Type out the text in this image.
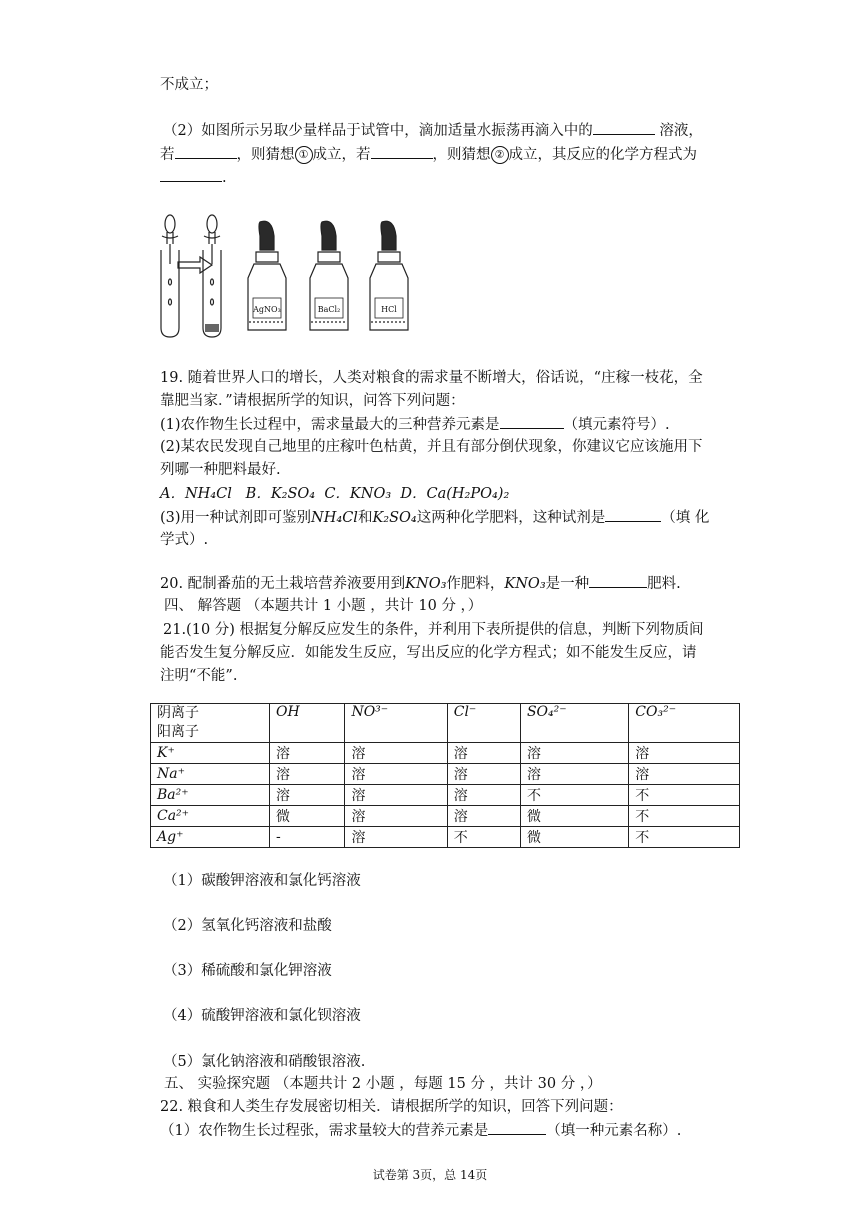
不成立；
（2）如图所示另取少量样品于试管中，滴加适量水振荡再滴入中的	溶液，
若	，则猜想 ① 成立，若	，则猜想 ② 成立，其反应的化学方程式为
.
AgNO₃	BaCl₂	HCl
19. 随着世界人口的增长，人类对粮食的需求量不断增大，俗话说，“庄稼一枝花，全
靠肥当家．”请根据所学的知识，问答下列问题：
(1)农作物生长过程中，需求量最大的三种营养元素是	（填元素符号）.
(2)某农民发现自己地里的庄稼叶色枯黄，并且有部分倒伏现象，你建议它应该施用下
列哪一种肥料最好.
A．NH₄Cl   B．K₂SO₄  C．KNO₃  D．Ca(H₂PO₄)₂
(3)用一种试剂即可鉴别NH₄Cl和K₂SO₄这两种化学肥料，这种试剂是	（填 化
学式）.
20. 配制番茄的无土栽培营养液要用到KNO₃作肥料，KNO₃是一种	肥料.
四、 解答题 （本题共计 1 小题 ，共计 10 分 ，）
21.(10 分) 根据复分解反应发生的条件，并利用下表所提供的信息，判断下列物质间
能否发生复分解反应．如能发生反应，写出反应的化学方程式；如不能发生反应，请
注明“不能”.
阴离子
阳离子	OH	NO³⁻	Cl⁻	SO₄²⁻	CO₃²⁻
K⁺	溶	溶	溶	溶	溶
Na⁺	溶	溶	溶	溶	溶
Ba²⁺	溶	溶	溶	不	不
Ca²⁺	微	溶	溶	微	不
Ag⁺	-	溶	不	微	不
（1）碳酸钾溶液和氯化钙溶液
（2）氢氧化钙溶液和盐酸
（3）稀硫酸和氯化钾溶液
（4）硫酸钾溶液和氯化钡溶液
（5）氯化钠溶液和硝酸银溶液.
五、 实验探究题 （本题共计 2 小题 ，每题 15 分 ，共计 30 分 ，）
22. 粮食和人类生存发展密切相关．请根据所学的知识，回答下列问题：
（1）农作物生长过程张，需求量较大的营养元素是	（填一种元素名称）.
试卷第 3页，总 14页
